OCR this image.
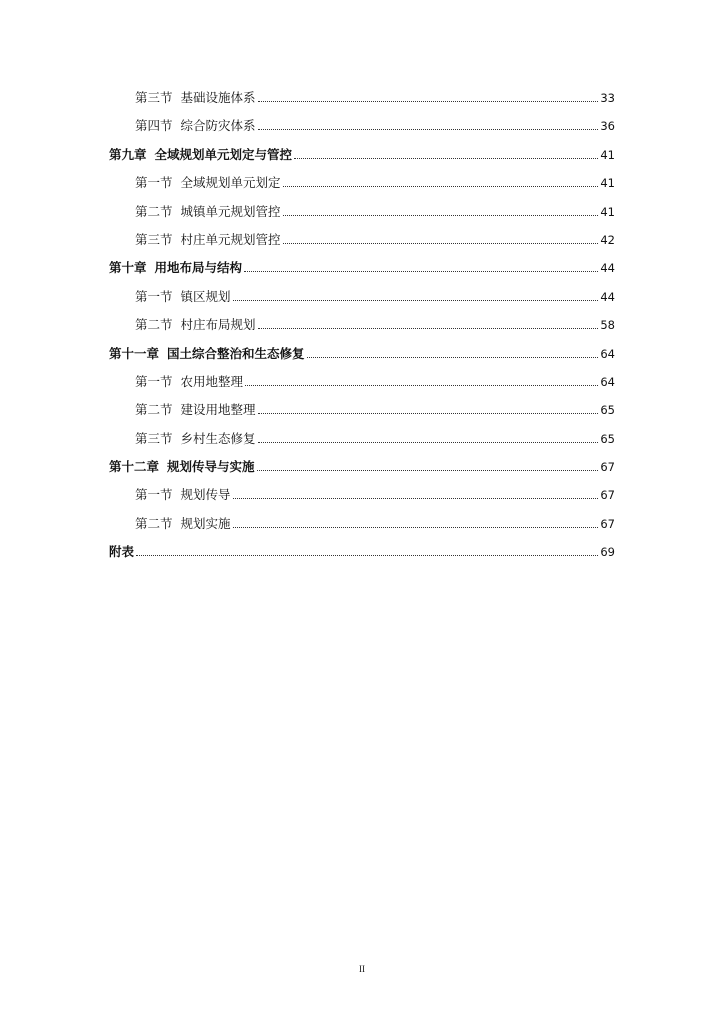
第三节 基础设施体系	33
第四节 综合防灾体系	36
第九章 全域规划单元划定与管控	41
第一节 全域规划单元划定	41
第二节 城镇单元规划管控	41
第三节 村庄单元规划管控	42
第十章 用地布局与结构	44
第一节 镇区规划	44
第二节 村庄布局规划	58
第十一章 国土综合整治和生态修复	64
第一节 农用地整理	64
第二节 建设用地整理	65
第三节 乡村生态修复	65
第十二章 规划传导与实施	67
第一节 规划传导	67
第二节 规划实施	67
附表	69
II
